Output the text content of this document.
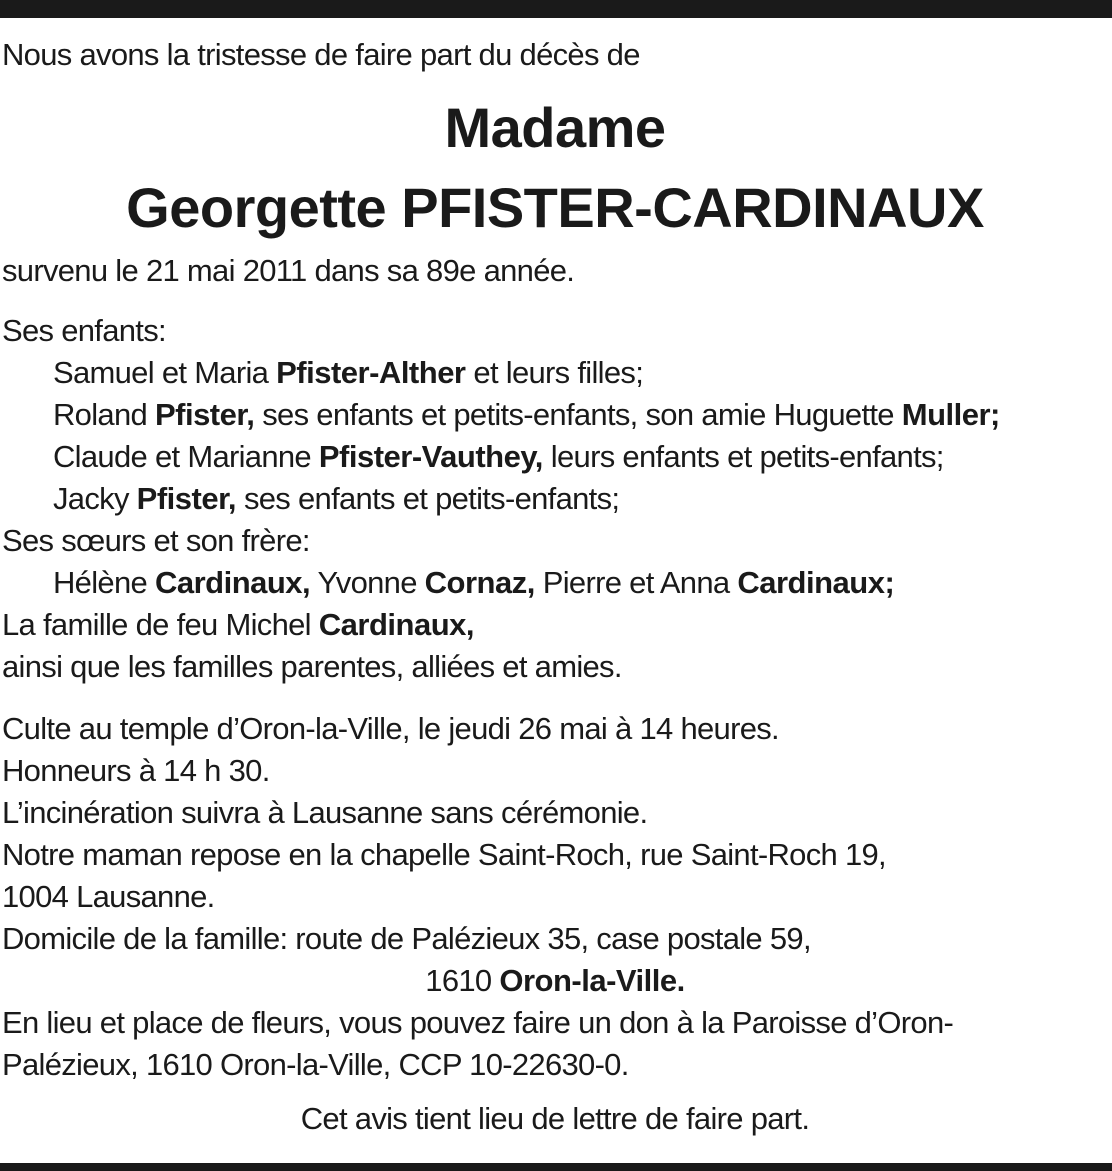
Nous avons la tristesse de faire part du décès de
Madame
Georgette PFISTER-CARDINAUX
survenu le 21 mai 2011 dans sa 89e année.
Ses enfants:
Samuel et Maria Pfister-Alther et leurs filles;
Roland Pfister, ses enfants et petits-enfants, son amie Huguette Muller;
Claude et Marianne Pfister-Vauthey, leurs enfants et petits-enfants;
Jacky Pfister, ses enfants et petits-enfants;
Ses sœurs et son frère:
Hélène Cardinaux, Yvonne Cornaz, Pierre et Anna Cardinaux;
La famille de feu Michel Cardinaux,
ainsi que les familles parentes, alliées et amies.
Culte au temple d’Oron-la-Ville, le jeudi 26 mai à 14 heures.
Honneurs à 14 h 30.
L’incinération suivra à Lausanne sans cérémonie.
Notre maman repose en la chapelle Saint-Roch, rue Saint-Roch 19,
1004 Lausanne.
Domicile de la famille: route de Palézieux 35, case postale 59,
1610 Oron-la-Ville.
En lieu et place de fleurs, vous pouvez faire un don à la Paroisse d’Oron-
Palézieux, 1610 Oron-la-Ville, CCP 10-22630-0.
Cet avis tient lieu de lettre de faire part.
